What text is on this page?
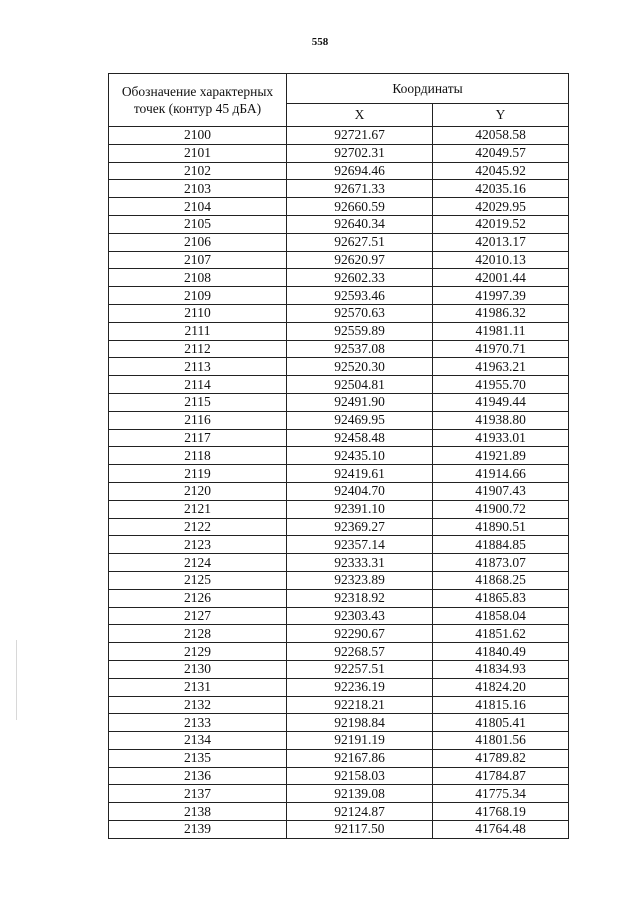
558
Обозначение характерных точек (контур 45 дБА)	Координаты	
	X	Y
2100	92721.67	42058.58
2101	92702.31	42049.57
2102	92694.46	42045.92
2103	92671.33	42035.16
2104	92660.59	42029.95
2105	92640.34	42019.52
2106	92627.51	42013.17
2107	92620.97	42010.13
2108	92602.33	42001.44
2109	92593.46	41997.39
2110	92570.63	41986.32
2111	92559.89	41981.11
2112	92537.08	41970.71
2113	92520.30	41963.21
2114	92504.81	41955.70
2115	92491.90	41949.44
2116	92469.95	41938.80
2117	92458.48	41933.01
2118	92435.10	41921.89
2119	92419.61	41914.66
2120	92404.70	41907.43
2121	92391.10	41900.72
2122	92369.27	41890.51
2123	92357.14	41884.85
2124	92333.31	41873.07
2125	92323.89	41868.25
2126	92318.92	41865.83
2127	92303.43	41858.04
2128	92290.67	41851.62
2129	92268.57	41840.49
2130	92257.51	41834.93
2131	92236.19	41824.20
2132	92218.21	41815.16
2133	92198.84	41805.41
2134	92191.19	41801.56
2135	92167.86	41789.82
2136	92158.03	41784.87
2137	92139.08	41775.34
2138	92124.87	41768.19
2139	92117.50	41764.48
